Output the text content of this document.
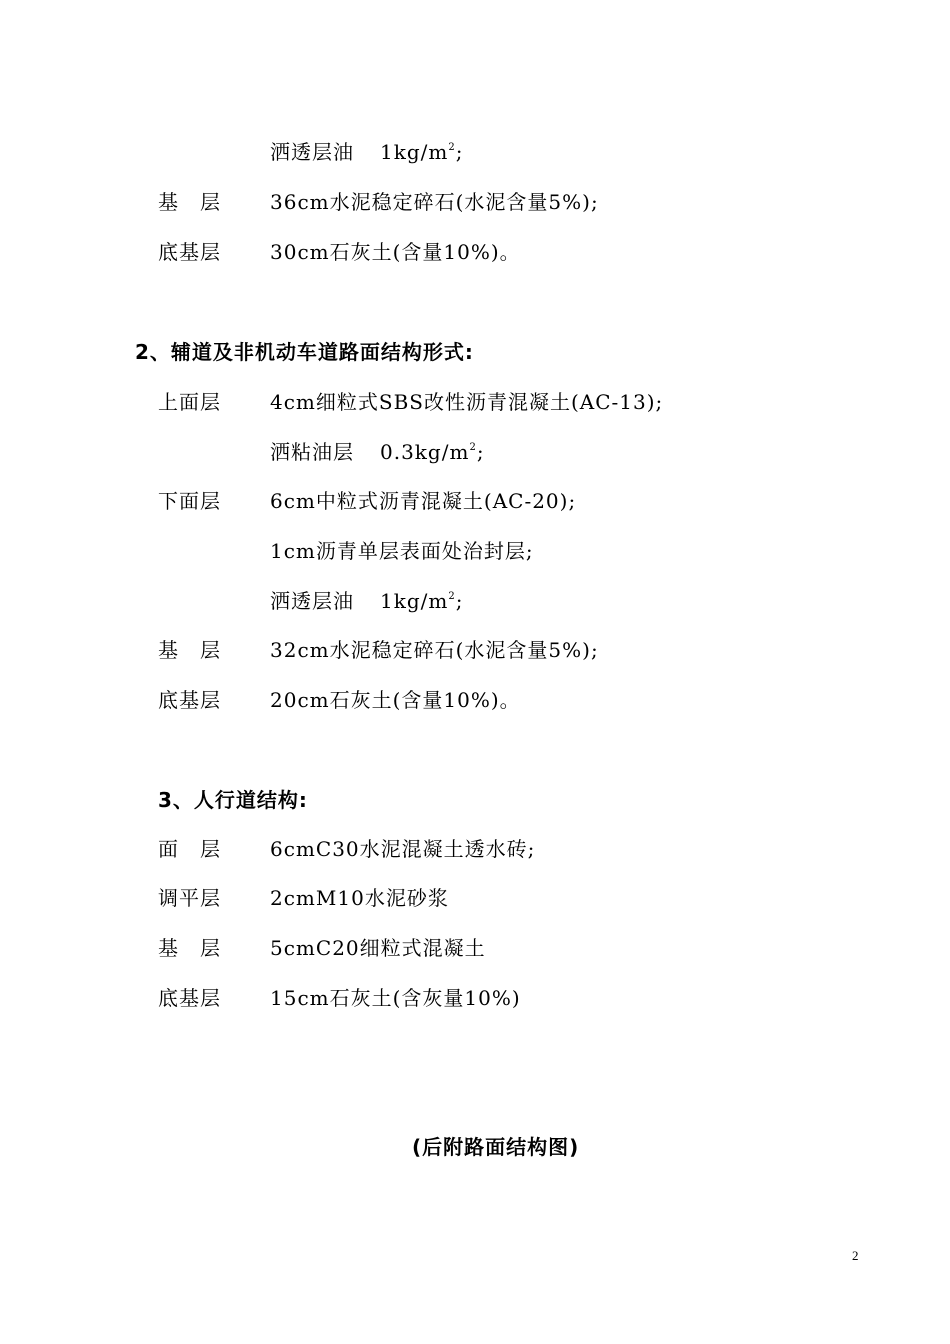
洒透层油 $1kg/m^2$;
基　层 36cm水泥稳定碎石(水泥含量5%);
底基层 30cm石灰土(含量10%)。
2、辅道及非机动车道路面结构形式:
上面层 4cm细粒式SBS改性沥青混凝土(AC-13);
洒粘油层 $0.3kg/m^2$;
下面层 6cm中粒式沥青混凝土(AC-20);
1cm沥青单层表面处治封层;
洒透层油 $1kg/m^2$;
基　层 32cm水泥稳定碎石(水泥含量5%);
底基层 20cm石灰土(含量10%)。
3、人行道结构:
面　层 6cmC30水泥混凝土透水砖;
调平层 2cmM10水泥砂浆
基　层 5cmC20细粒式混凝土
底基层 15cm石灰土(含灰量10%)
(后附路面结构图)
2
